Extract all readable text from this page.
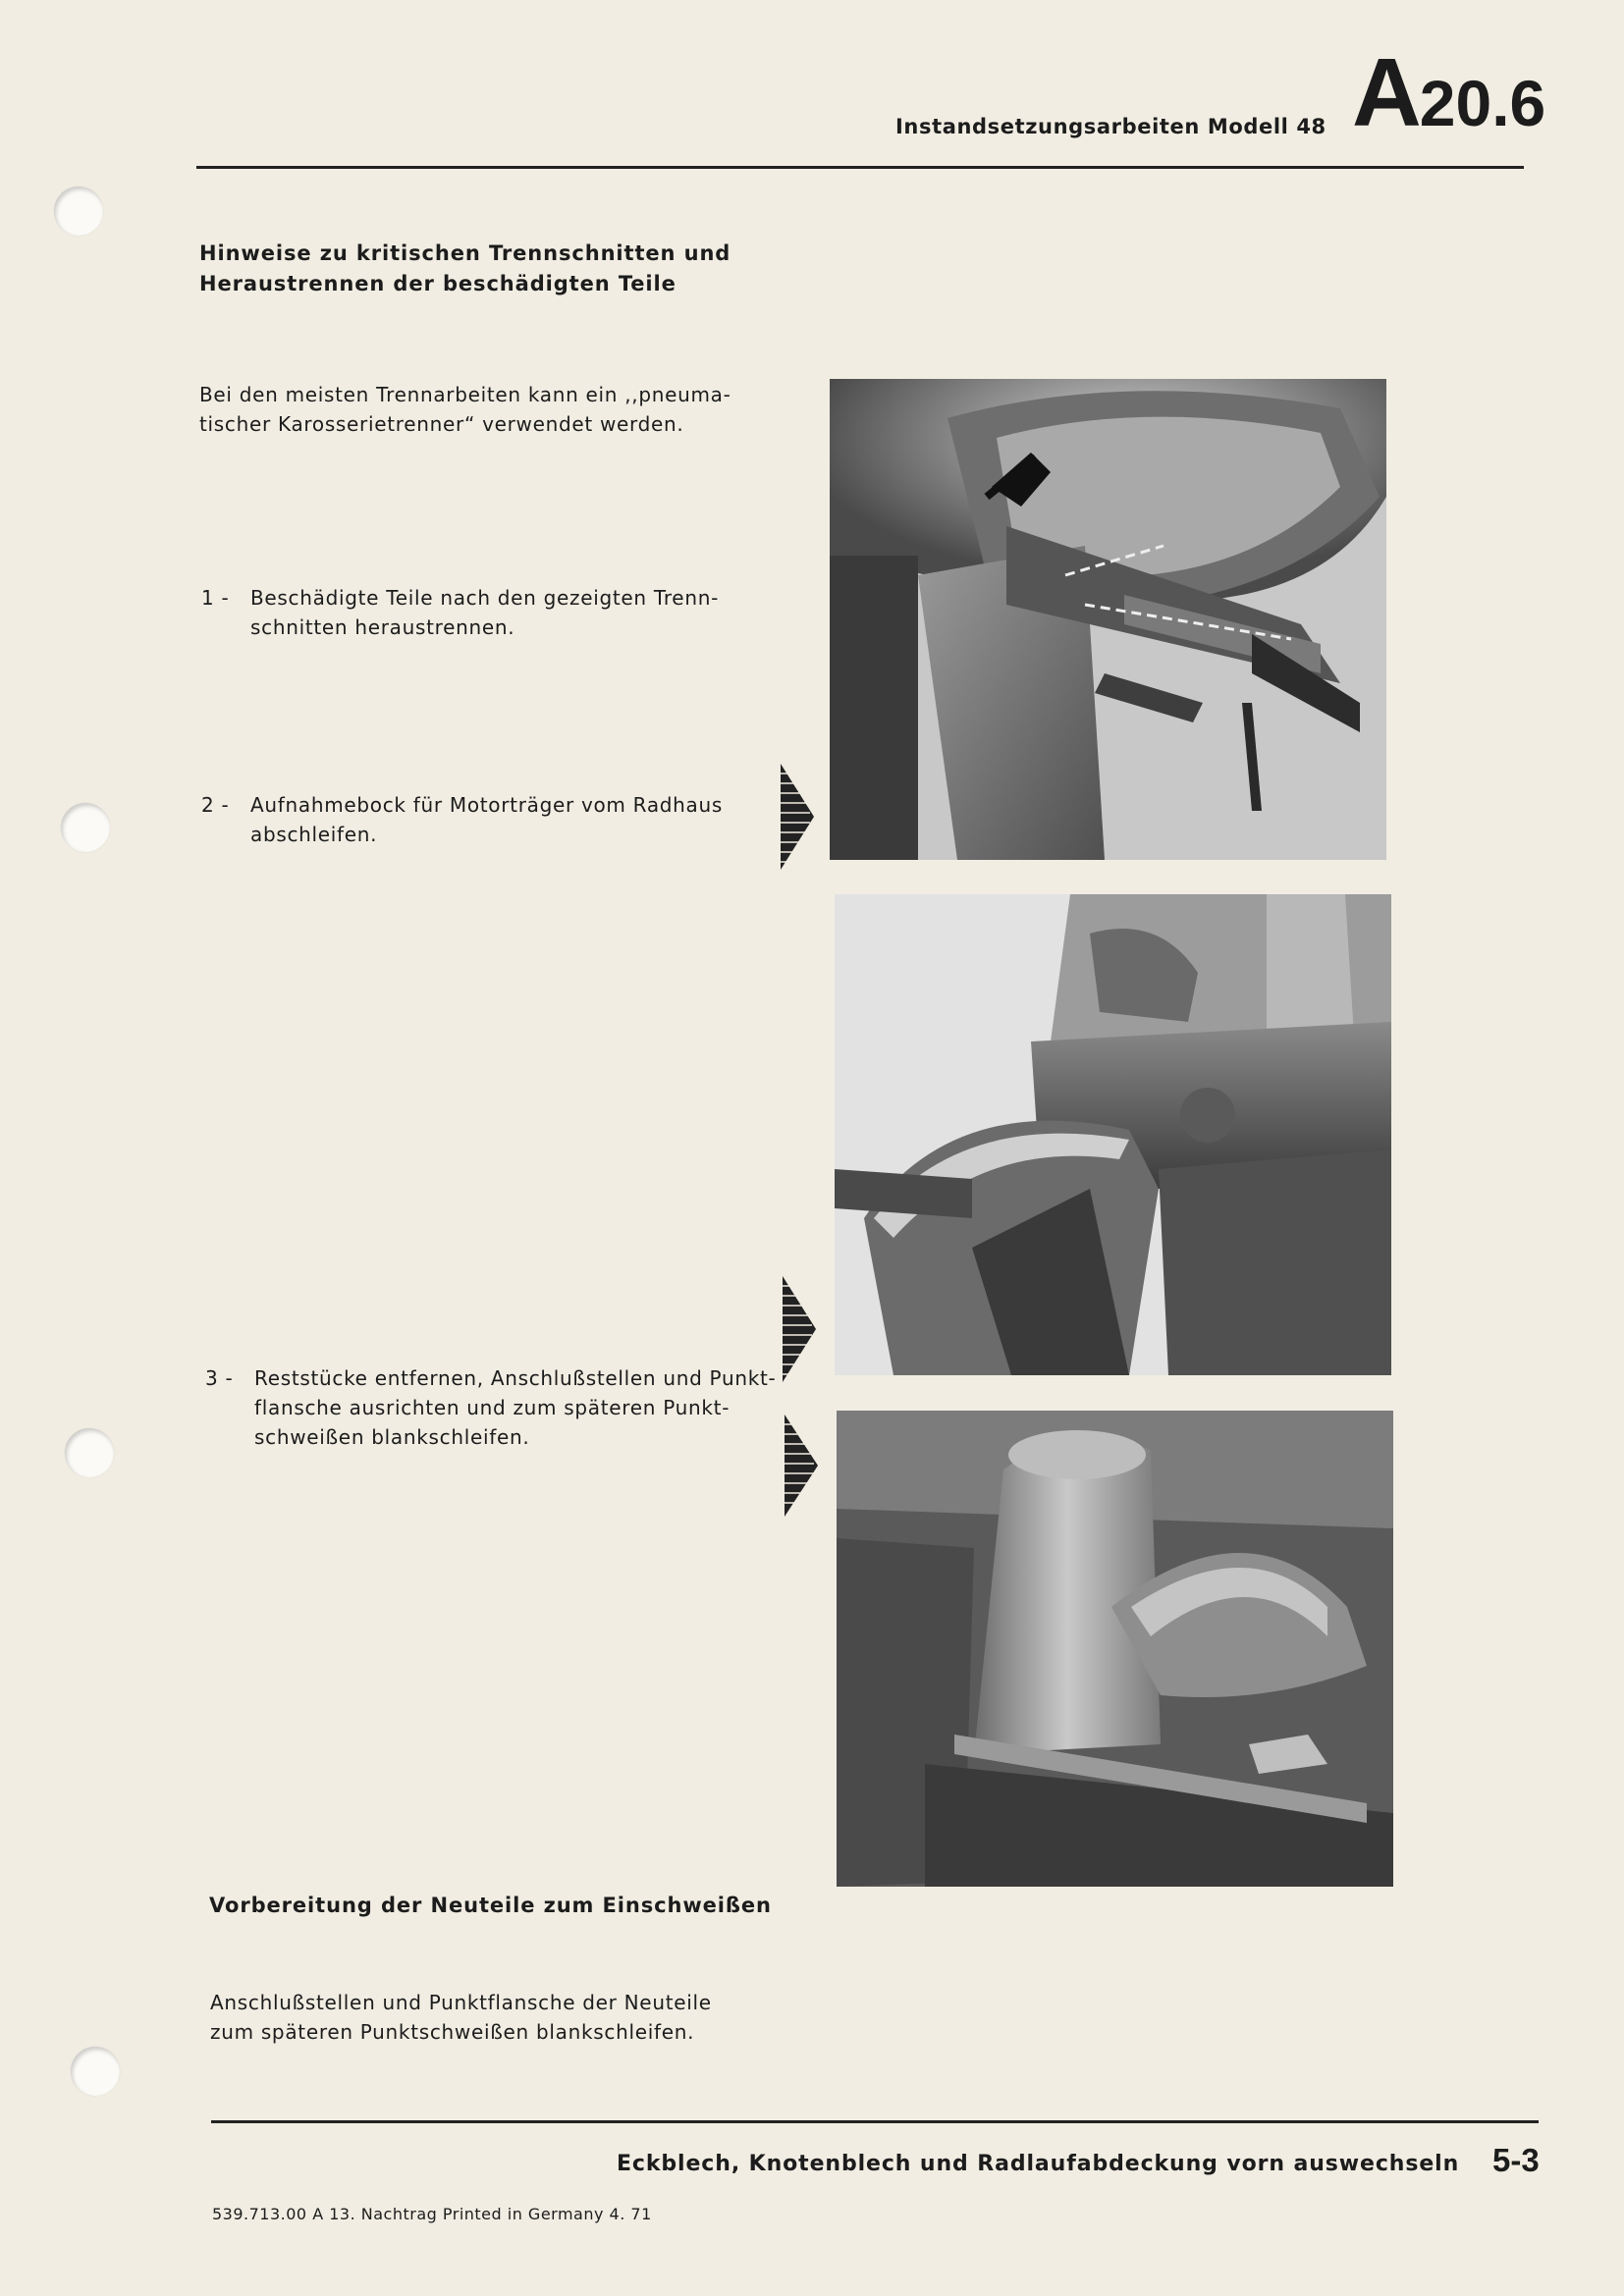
Instandsetzungsarbeiten Modell 48 A20.6
Hinweise zu kritischen Trennschnitten und
Heraustrennen der beschädigten Teile
Bei den meisten Trennarbeiten kann ein ,,pneuma-
tischer Karosserietrenner“ verwendet werden.
1 -	Beschädigte Teile nach den gezeigten Trenn-
schnitten heraustrennen.
2 -	Aufnahmebock für Motorträger vom Radhaus
abschleifen.
3 -	Reststücke entfernen, Anschlußstellen und Punkt-
flansche ausrichten und zum späteren Punkt-
schweißen blankschleifen.
Vorbereitung der Neuteile zum Einschweißen
Anschlußstellen und Punktflansche der Neuteile
zum späteren Punktschweißen blankschleifen.
Eckblech, Knotenblech und Radlaufabdeckung vorn auswechseln 5-3
539.713.00 A 13. Nachtrag Printed in Germany 4. 71
